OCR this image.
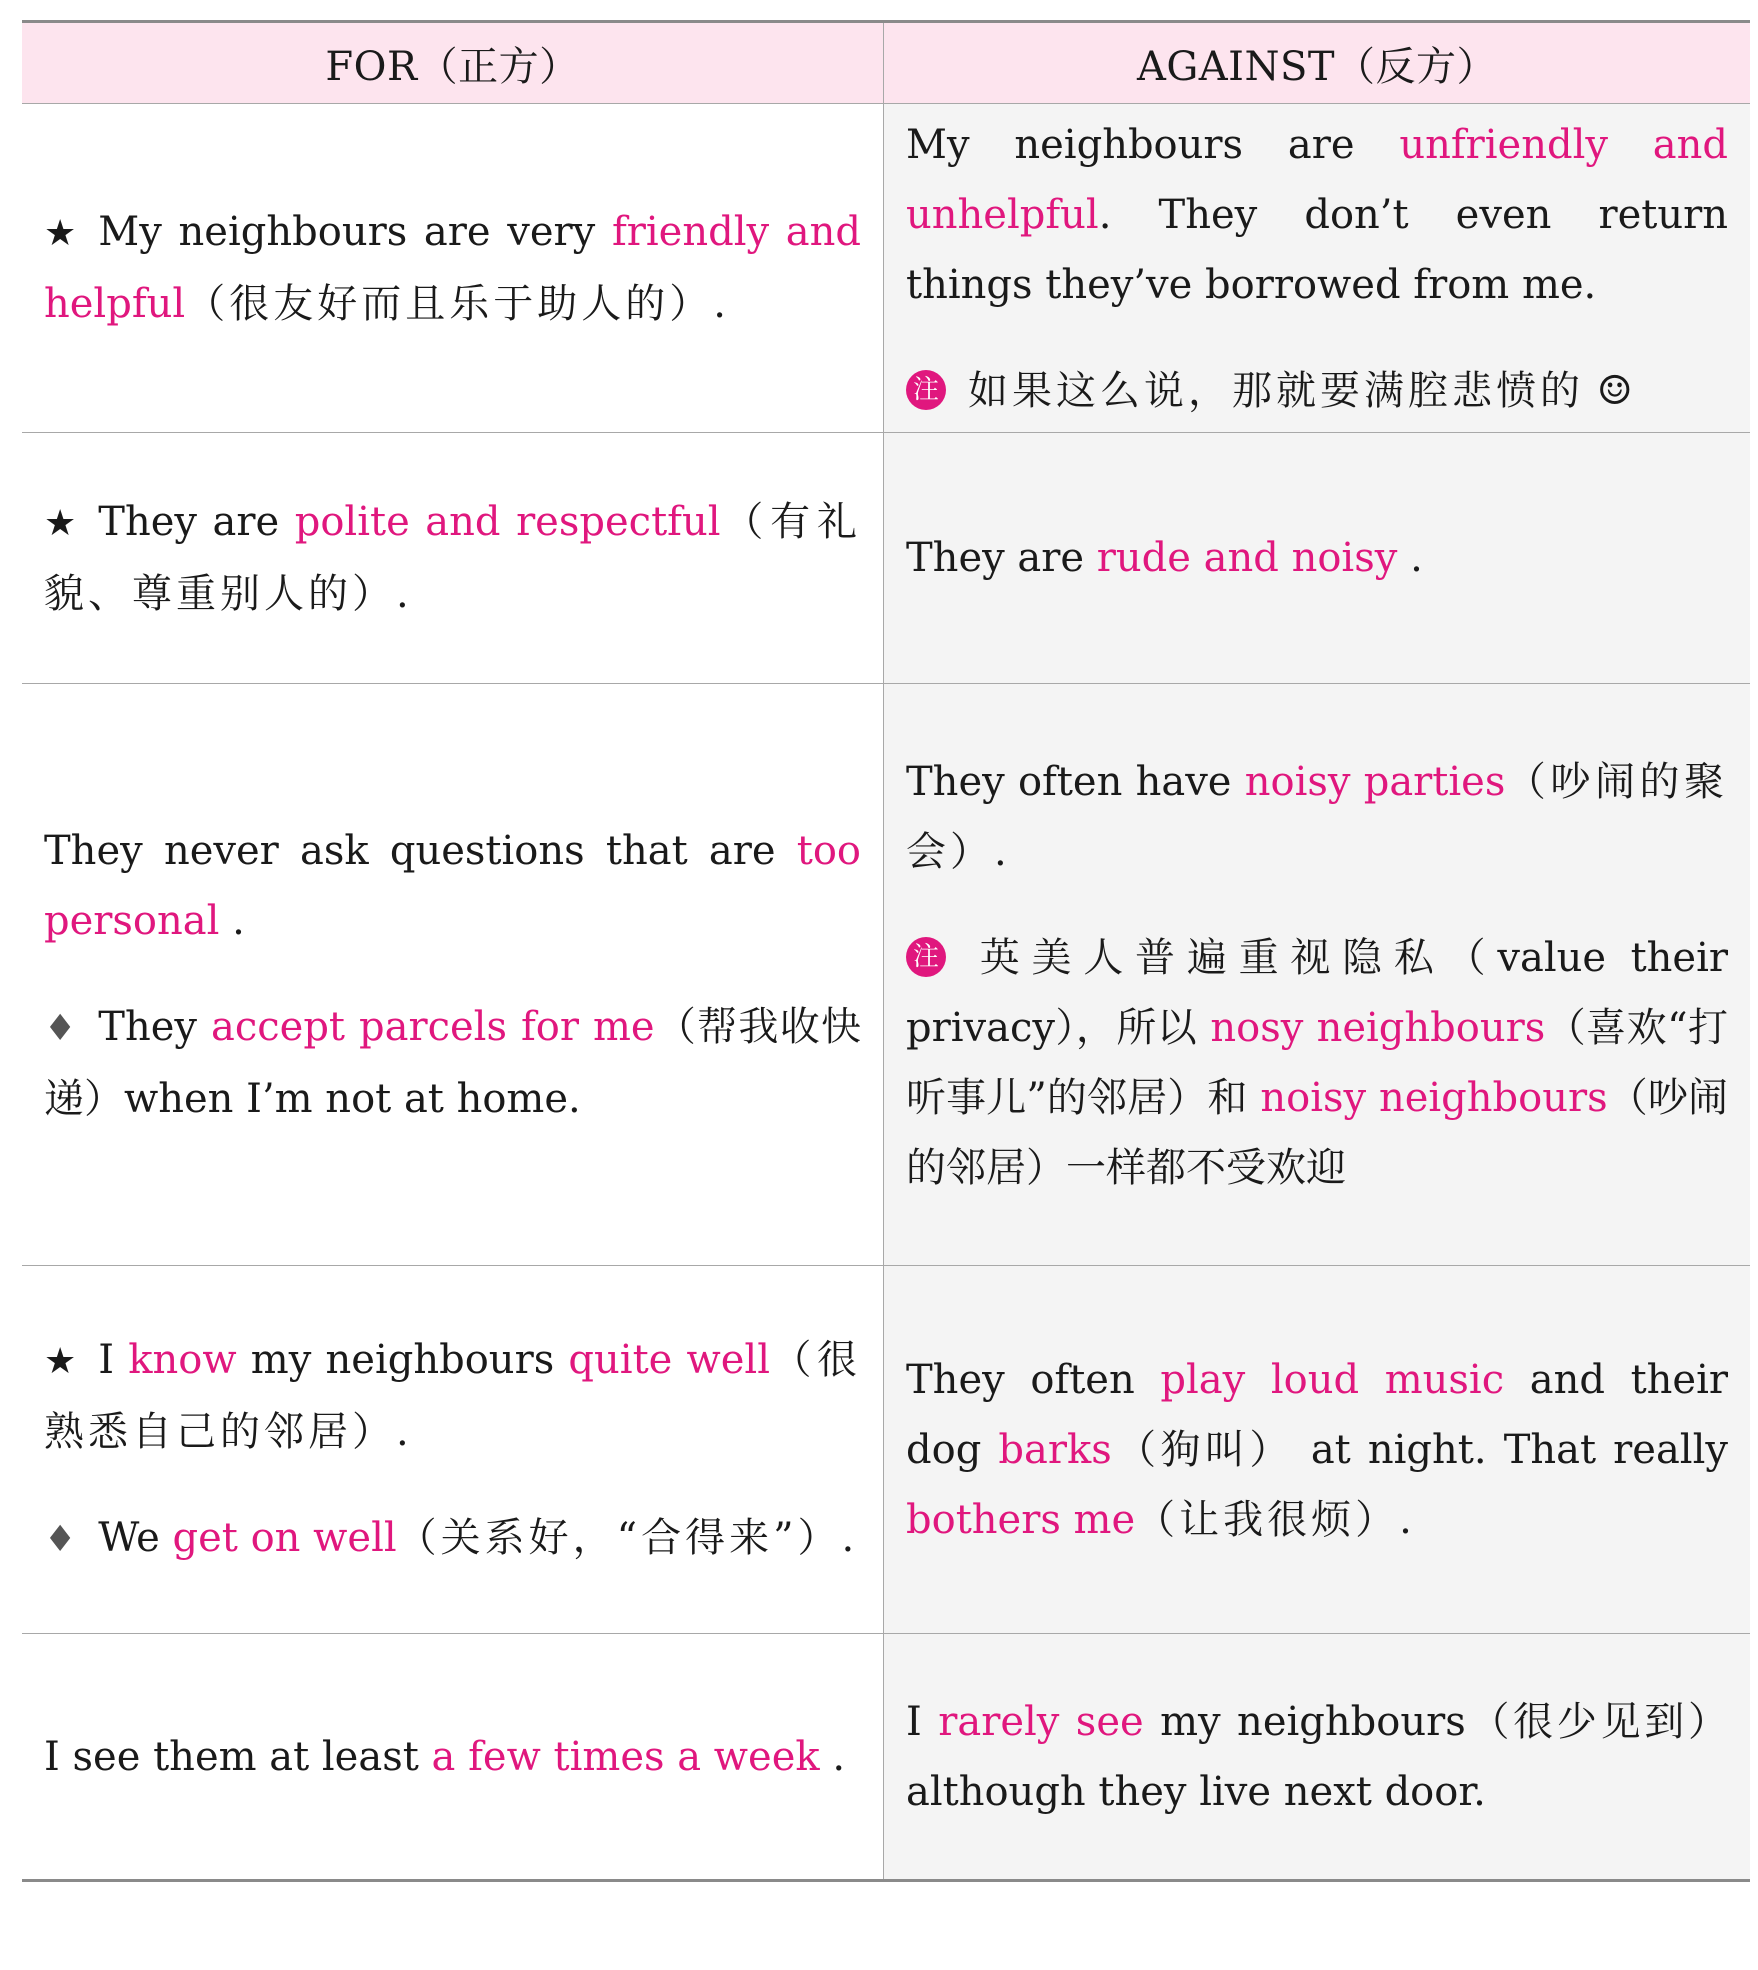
FOR（正方）	AGAINST（反方）

★ My neighbours are very friendly and helpful（很友好而且乐于助人的）.

My neighbours are unfriendly and unhelpful. They don’t even return things they’ve borrowed from me.

注 如果这么说，那就要满腔悲愤的 ☺

★ They are polite and respectful（有礼貌、尊重别人的）.

They are rude and noisy .

They never ask questions that are too personal .

♦ They accept parcels for me（帮我收快递）when I’m not at home.

They often have noisy parties（吵闹的聚会）.

注 英美人普遍重视隐私（value their privacy），所以 nosy neighbours（喜欢“打听事儿”的邻居）和 noisy neighbours（吵闹的邻居）一样都不受欢迎

★ I know my neighbours quite well（很熟悉自己的邻居）.

♦ We get on well（关系好，“合得来”）.

They often play loud music and their dog barks（狗叫） at night. That really bothers me（让我很烦）.

I see them at least a few times a week .

I rarely see my neighbours（很少见到）although they live next door.
